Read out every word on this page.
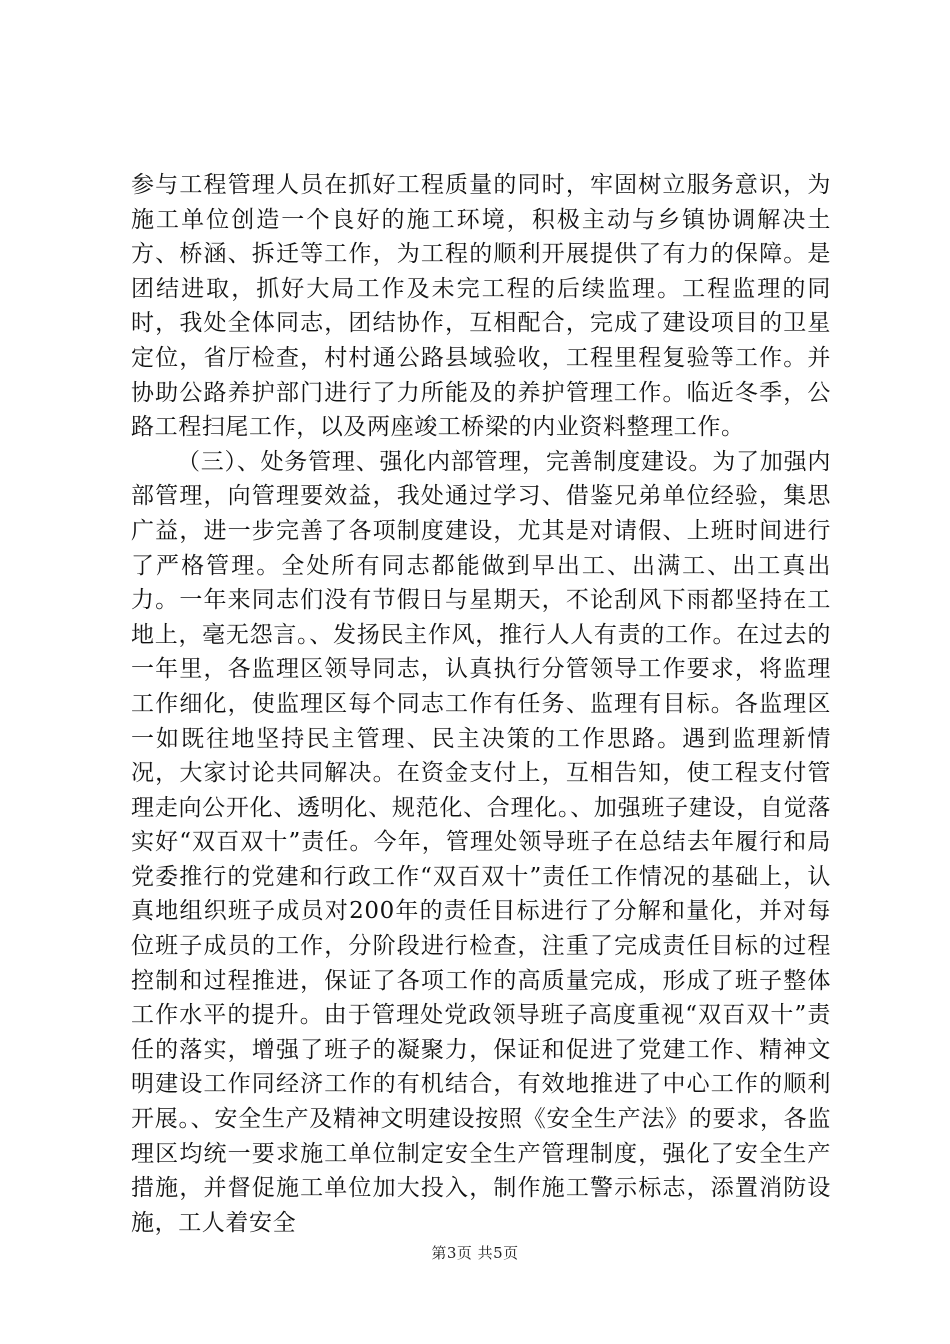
参与工程管理人员在抓好工程质量的同时，牢固树立服务意识，为施工单位创造一个良好的施工环境，积极主动与乡镇协调解决土方、桥涵、拆迁等工作，为工程的顺利开展提供了有力的保障。是团结进取，抓好大局工作及未完工程的后续监理。工程监理的同时，我处全体同志，团结协作，互相配合，完成了建设项目的卫星定位，省厅检查，村村通公路县域验收，工程里程复验等工作。并协助公路养护部门进行了力所能及的养护管理工作。临近冬季，公路工程扫尾工作，以及两座竣工桥梁的内业资料整理工作。

（三）、处务管理、强化内部管理，完善制度建设。为了加强内部管理，向管理要效益，我处通过学习、借鉴兄弟单位经验，集思广益，进一步完善了各项制度建设，尤其是对请假、上班时间进行了严格管理。全处所有同志都能做到早出工、出满工、出工真出力。一年来同志们没有节假日与星期天，不论刮风下雨都坚持在工地上，毫无怨言。、发扬民主作风，推行人人有责的工作。在过去的一年里，各监理区领导同志，认真执行分管领导工作要求，将监理工作细化，使监理区每个同志工作有任务、监理有目标。各监理区一如既往地坚持民主管理、民主决策的工作思路。遇到监理新情况，大家讨论共同解决。在资金支付上，互相告知，使工程支付管理走向公开化、透明化、规范化、合理化。、加强班子建设，自觉落实好“双百双十”责任。今年，管理处领导班子在总结去年履行和局党委推行的党建和行政工作“双百双十”责任工作情况的基础上，认真地组织班子成员对200年的责任目标进行了分解和量化，并对每位班子成员的工作，分阶段进行检查，注重了完成责任目标的过程控制和过程推进，保证了各项工作的高质量完成，形成了班子整体工作水平的提升。由于管理处党政领导班子高度重视“双百双十”责任的落实，增强了班子的凝聚力，保证和促进了党建工作、精神文明建设工作同经济工作的有机结合，有效地推进了中心工作的顺利开展。、安全生产及精神文明建设按照《安全生产法》的要求，各监理区均统一要求施工单位制定安全生产管理制度，强化了安全生产措施，并督促施工单位加大投入，制作施工警示标志，添置消防设施，工人着安全

第3页 共5页
